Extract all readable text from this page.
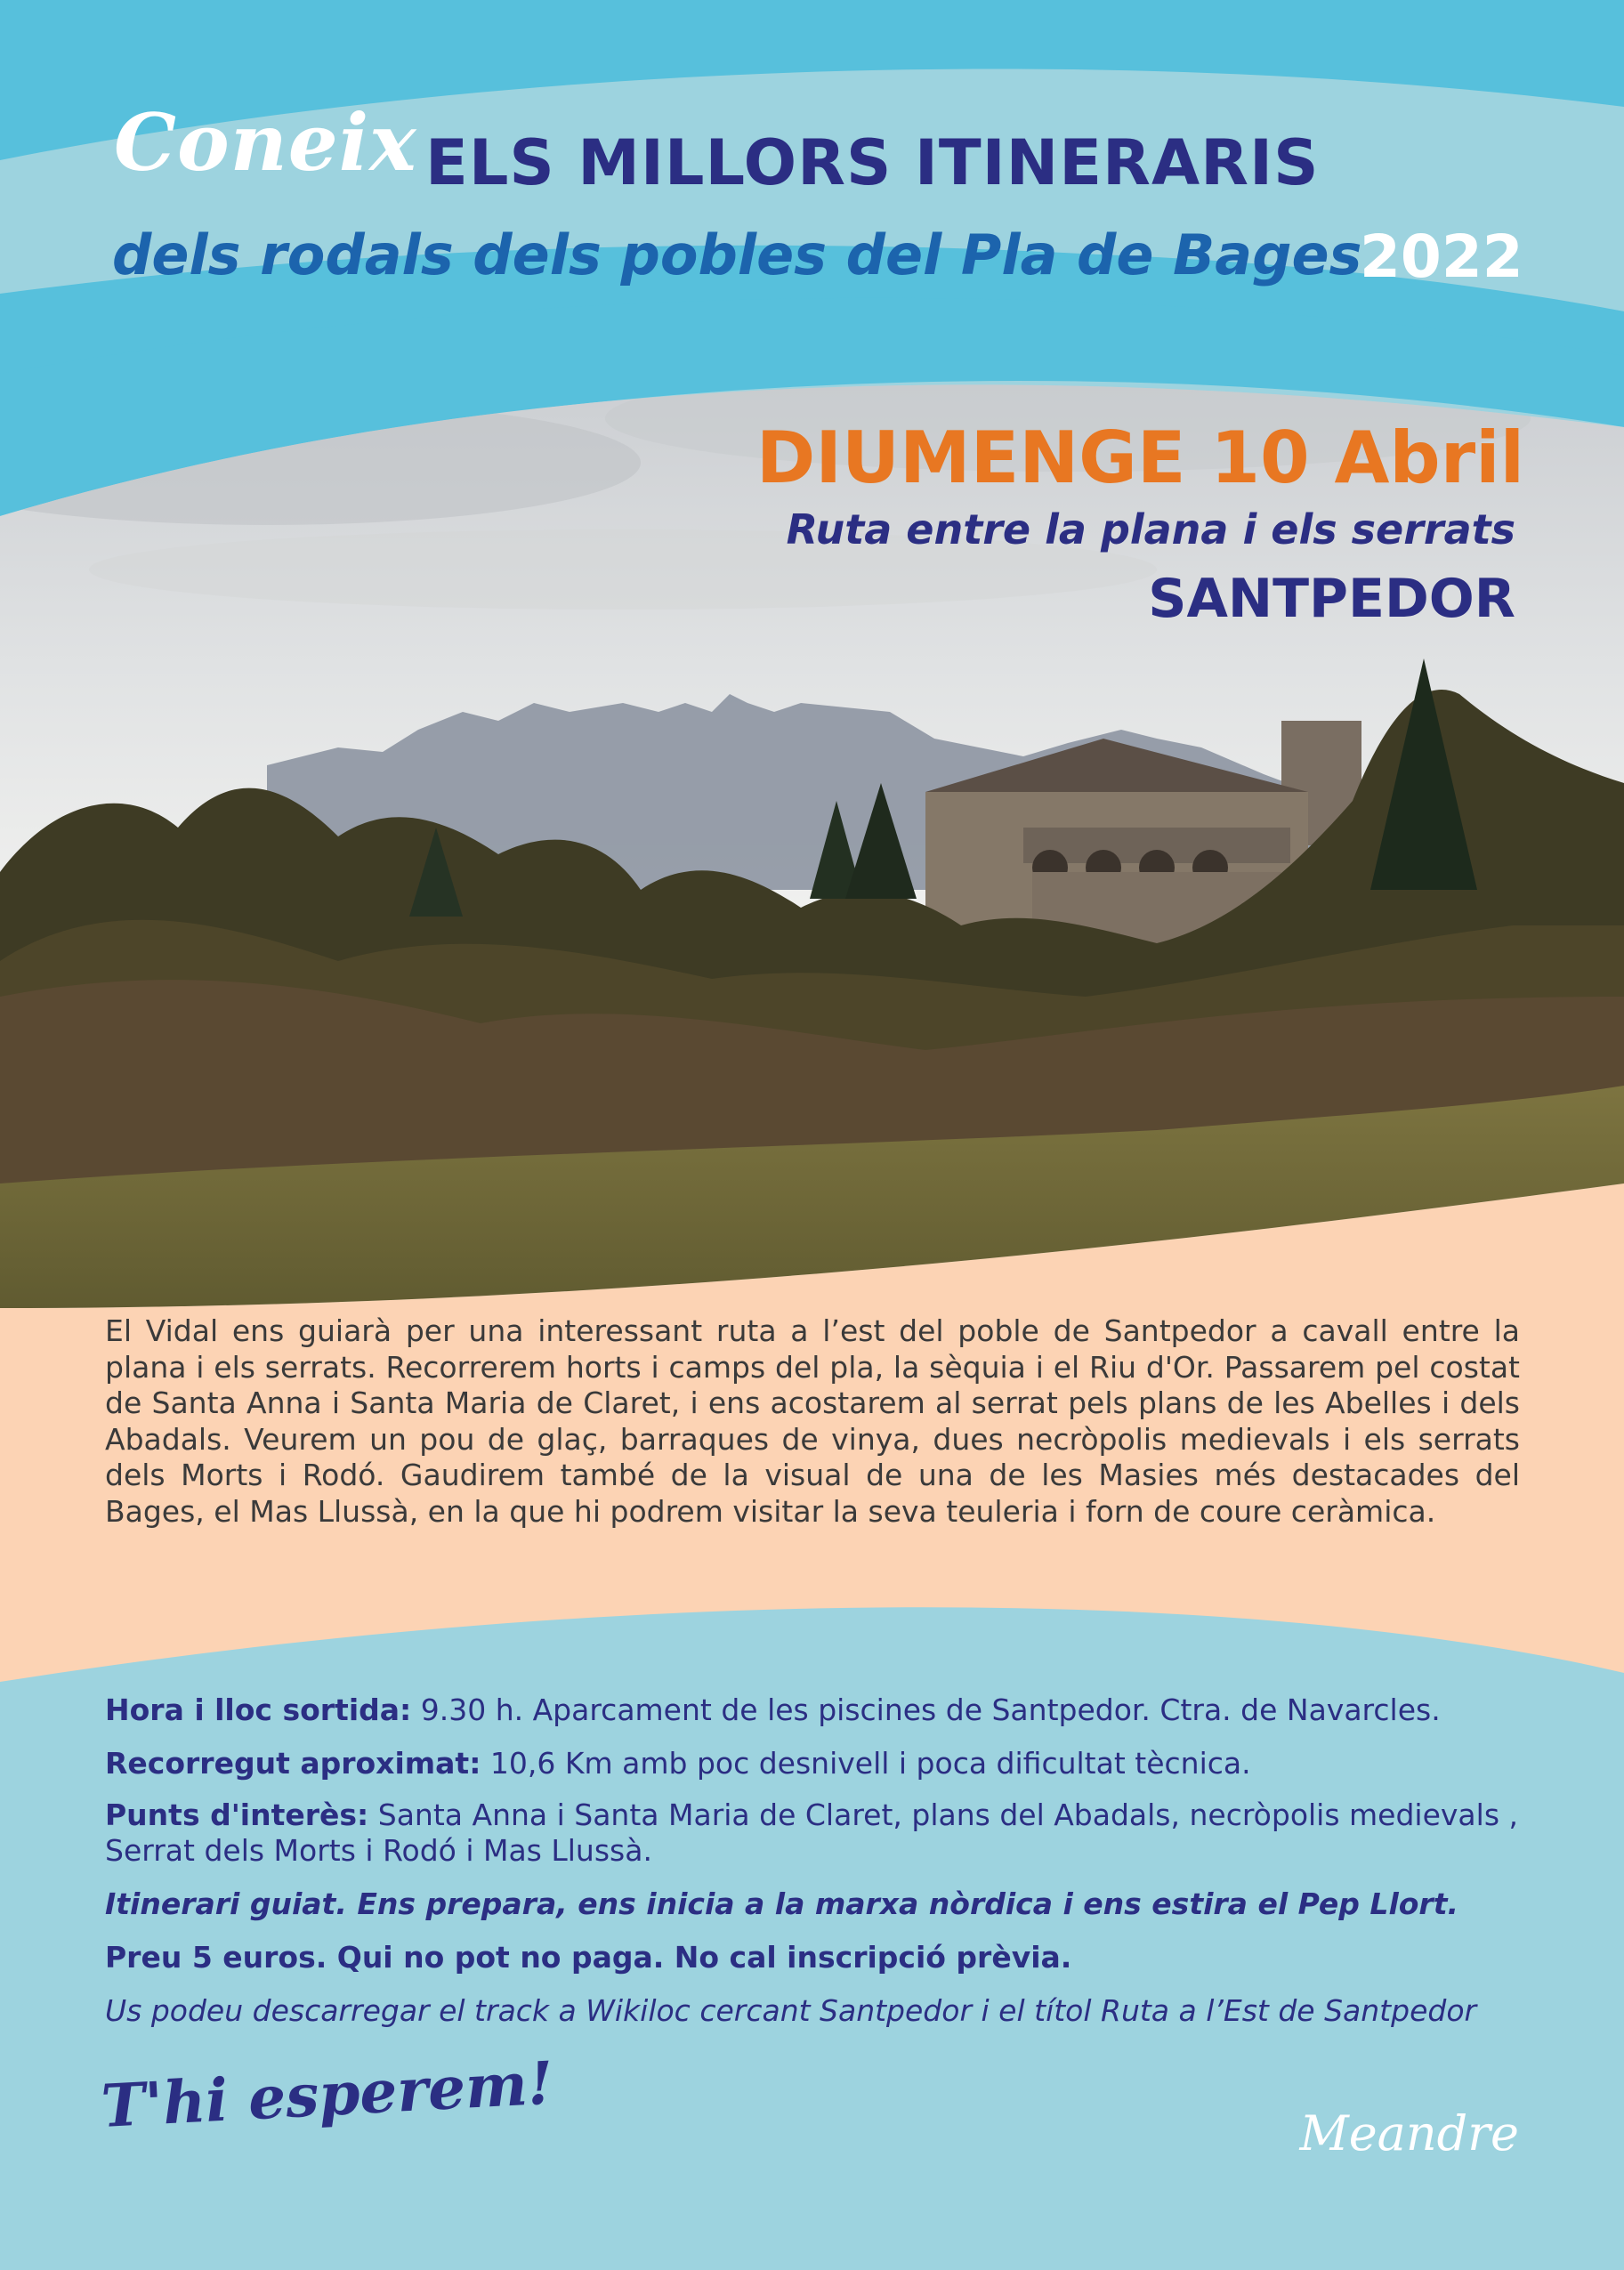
Coneix ELS MILLORS ITINERARIS
dels rodals dels pobles del Pla de Bages
2022
DIUMENGE 10 Abril
Ruta entre la plana i els serrats
SANTPEDOR

El Vidal ens guiarà per una interessant ruta a l’est del poble de Santpedor a cavall entre la plana i els serrats. Recorrerem horts i camps del pla, la sèquia i el Riu d'Or. Passarem pel costat de Santa Anna i Santa Maria de Claret, i ens acostarem al serrat pels plans de les Abelles i dels Abadals. Veurem un pou de glaç, barraques de vinya, dues necròpolis medievals i els serrats dels Morts i Rodó. Gaudirem també de la visual de una de les Masies més destacades del Bages, el Mas Llussà, en la que hi podrem visitar la seva teuleria i forn de coure ceràmica.

Hora i lloc sortida: 9.30 h. Aparcament de les piscines de Santpedor. Ctra. de Navarcles.
Recorregut aproximat: 10,6 Km amb poc desnivell i poca dificultat tècnica.
Punts d'interès: Santa Anna i Santa Maria de Claret, plans del Abadals, necròpolis medievals , Serrat dels Morts i Rodó i Mas Llussà.
Itinerari guiat. Ens prepara, ens inicia a la marxa nòrdica i ens estira el Pep Llort.
Preu 5 euros. Qui no pot no paga. No cal inscripció prèvia.
Us podeu descarregar el track a Wikiloc cercant Santpedor i el títol Ruta a l’Est de Santpedor
T'hi esperem!	Meandre
